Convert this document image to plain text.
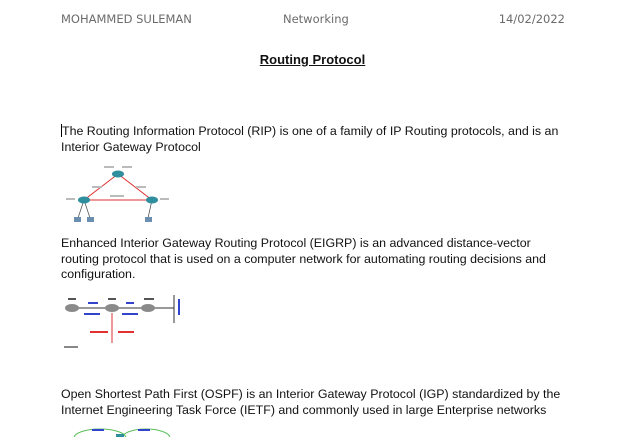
MOHAMMED SULEMAN	Networking	14/02/2022
Routing Protocol
The Routing Information Protocol (RIP) is one of a family of IP Routing protocols, and is an Interior Gateway Protocol
Enhanced Interior Gateway Routing Protocol (EIGRP) is an advanced distance-vector routing protocol that is used on a computer network for automating routing decisions and configuration.
Open Shortest Path First (OSPF) is an Interior Gateway Protocol (IGP) standardized by the Internet Engineering Task Force (IETF) and commonly used in large Enterprise networks
